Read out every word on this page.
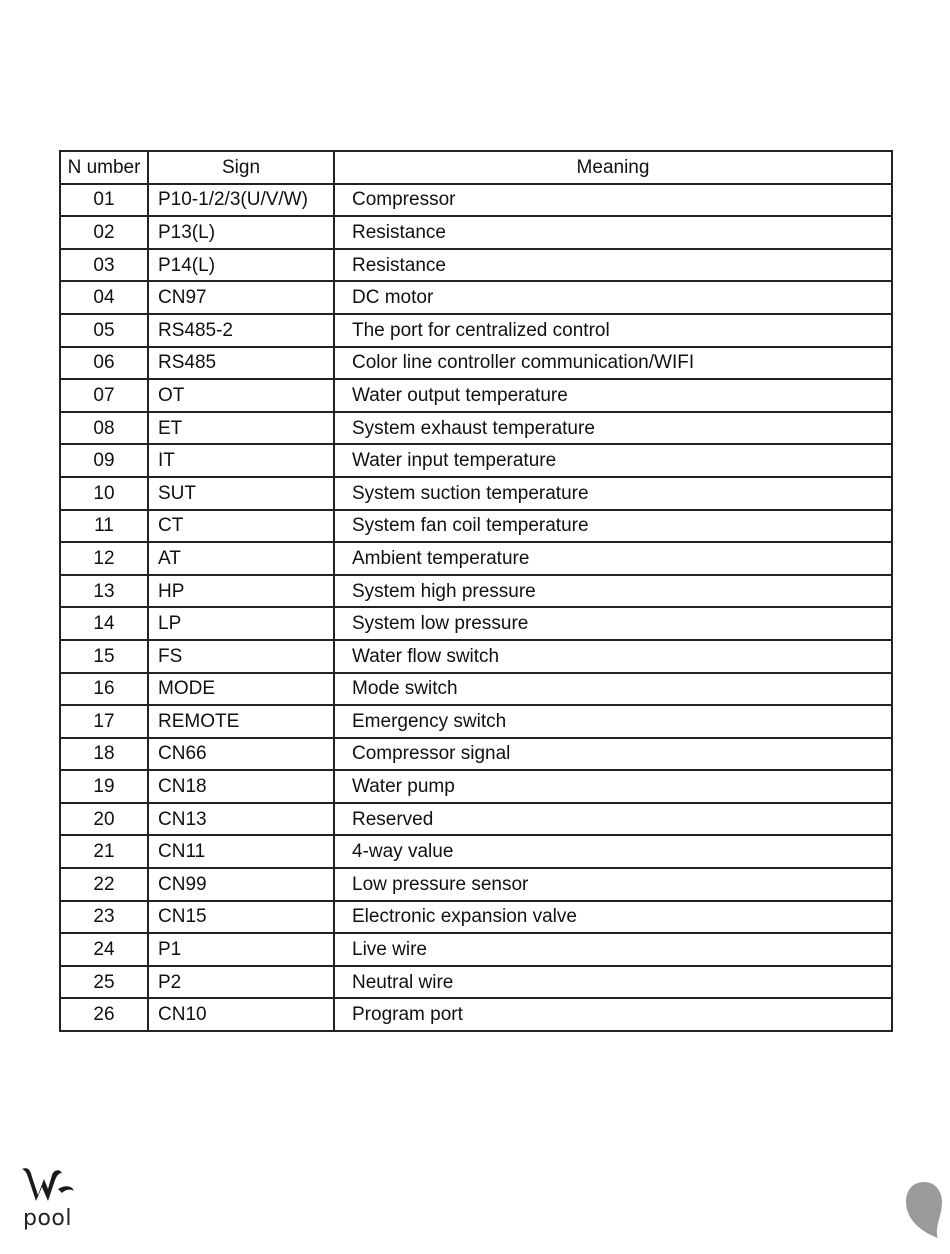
N umber	Sign	Meaning
01	P10-1/2/3(U/V/W)	Compressor
02	P13(L)	Resistance
03	P14(L)	Resistance
04	CN97	DC motor
05	RS485-2	The port for centralized control
06	RS485	Color line controller communication/WIFI
07	OT	Water output temperature
08	ET	System exhaust temperature
09	IT	Water input temperature
10	SUT	System suction temperature
11	CT	System fan coil temperature
12	AT	Ambient temperature
13	HP	System high pressure
14	LP	System low pressure
15	FS	Water flow switch
16	MODE	Mode switch
17	REMOTE	Emergency switch
18	CN66	Compressor signal
19	CN18	Water pump
20	CN13	Reserved
21	CN11	4-way value
22	CN99	Low pressure sensor
23	CN15	Electronic expansion valve
24	P1	Live wire
25	P2	Neutral wire
26	CN10	Program port
pool
